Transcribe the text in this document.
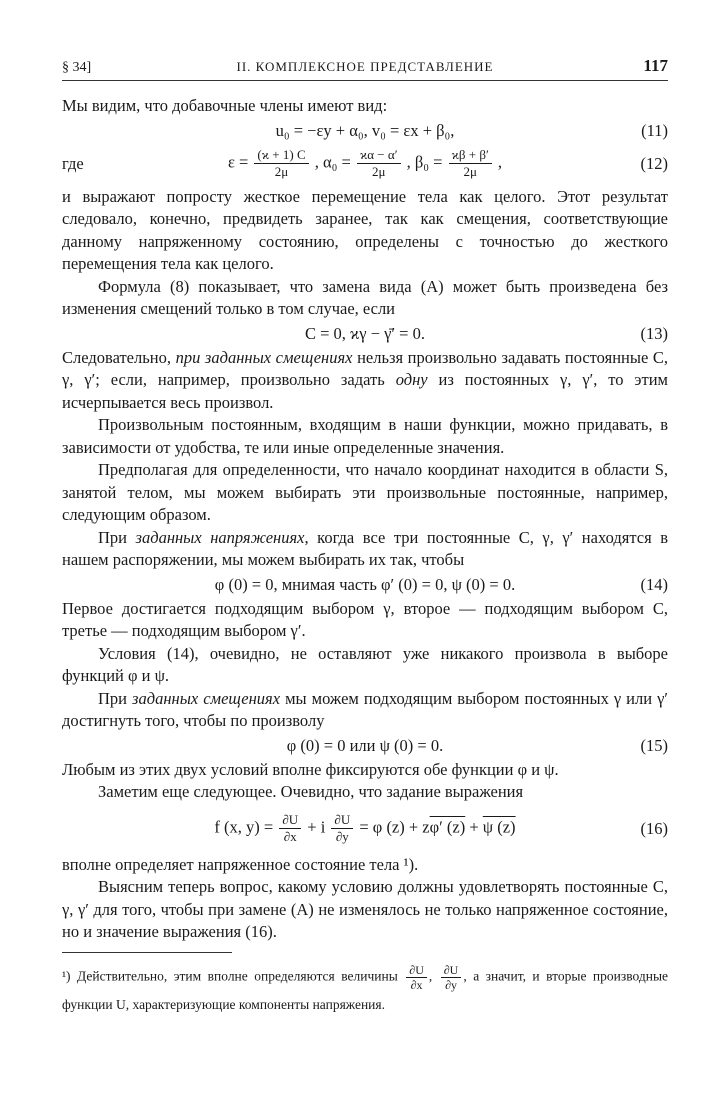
§ 34]	II. КОМПЛЕКСНОЕ ПРЕДСТАВЛЕНИЕ	117

Мы видим, что добавочные члены имеют вид:

u₀ = −εy + α₀, v₀ = εx + β₀,	(11)
где	$\varepsilon = \frac{(ϰ + 1) C}{2\mu}$ , $\alpha_0 = \frac{ϰ\alpha - \alpha'}{2\mu}$ , $\beta_0 = \frac{ϰ\beta + \beta'}{2\mu}$ ,	(12)

и выражают попросту жесткое перемещение тела как целого. Этот результат следовало, конечно, предвидеть заранее, так как смещения, соответствующие данному напряженному состоянию, определены с точностью до жесткого перемещения тела как целого.

Формула (8) показывает, что замена вида (A) может быть произведена без изменения смещений только в том случае, если

C = 0, ϰγ − γ̄′ = 0.	(13)

Следовательно, при заданных смещениях нельзя произвольно задавать постоянные C, γ, γ′; если, например, произвольно задать одну из постоянных γ, γ′, то этим исчерпывается весь произвол.

Произвольным постоянным, входящим в наши функции, можно придавать, в зависимости от удобства, те или иные определенные значения.

Предполагая для определенности, что начало координат находится в области S, занятой телом, мы можем выбирать эти произвольные постоянные, например, следующим образом.

При заданных напряжениях, когда все три постоянные C, γ, γ′ находятся в нашем распоряжении, мы можем выбирать их так, чтобы

φ (0) = 0, мнимая часть φ′ (0) = 0, ψ (0) = 0.	(14)

Первое достигается подходящим выбором γ, второе — подходящим выбором C, третье — подходящим выбором γ′.

Условия (14), очевидно, не оставляют уже никакого произвола в выборе функций φ и ψ.

При заданных смещениях мы можем подходящим выбором постоянных γ или γ′ достигнуть того, чтобы по произволу

φ (0) = 0 или ψ (0) = 0.	(15)

Любым из этих двух условий вполне фиксируются обе функции φ и ψ.

Заметим еще следующее. Очевидно, что задание выражения

f (x, $y) = \frac{\partial U}{\partial x} + i \frac{\partial U}{\partial y} = \varphi$ (z) + zφ′ (z) + ψ (z)	(16)

вполне определяет напряженное состояние тела ¹).

Выясним теперь вопрос, какому условию должны удовлетворять постоянные C, γ, γ′ для того, чтобы при замене (A) не изменялось не только напряженное состояние, но и значение выражения (16).

¹) Действительно, этим вполне определяются величины $\frac{\partial U}{\partial x}$ , $\frac{\partial U}{\partial y}$ , а значит, и вторые производные функции U, характеризующие компоненты напряжения.
